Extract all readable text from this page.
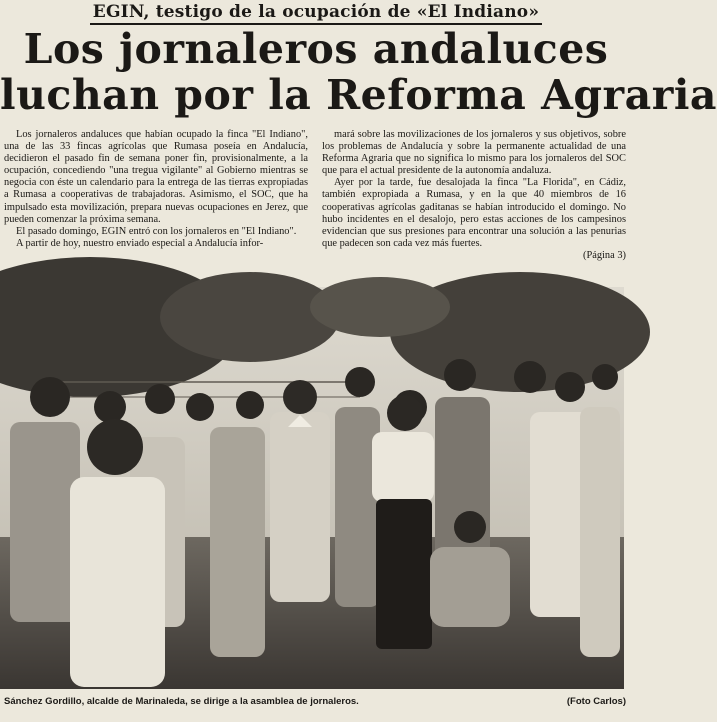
EGIN, testigo de la ocupación de «El Indiano»
Los jornaleros andaluces
luchan por la Reforma Agraria

Los jornaleros andaluces que habían ocupado la finca "El Indiano", una de las 33 fincas agrícolas que Rumasa poseía en Andalucía, decidieron el pasado fin de semana poner fin, provisionalmente, a la ocupación, concediendo "una tregua vigilante" al Gobierno mientras se negocia con éste un calendario para la entrega de las tierras expropiadas a Rumasa a cooperativas de trabajadoras. Asimismo, el SOC, que ha impulsado esta movilización, prepara nuevas ocupaciones en Jerez, que pueden comenzar la próxima semana.

El pasado domingo, EGIN entró con los jornaleros en "El Indiano".

A partir de hoy, nuestro enviado especial a Andalucía infor-

mará sobre las movilizaciones de los jornaleros y sus objetivos, sobre los problemas de Andalucía y sobre la permanente actualidad de una Reforma Agraria que no significa lo mismo para los jornaleros del SOC que para el actual presidente de la autonomía andaluza.

Ayer por la tarde, fue desalojada la finca "La Florida", en Cádiz, también expropiada a Rumasa, y en la que 40 miembros de 16 cooperativas agrícolas gaditanas se habían introducido el domingo. No hubo incidentes en el desalojo, pero estas acciones de los campesinos evidencian que sus presiones para encontrar una solución a las penurias que padecen son cada vez más fuertes.

(Página 3)
Sánchez Gordillo, alcalde de Marinaleda, se dirige a la asamblea de jornaleros.	(Foto Carlos)
